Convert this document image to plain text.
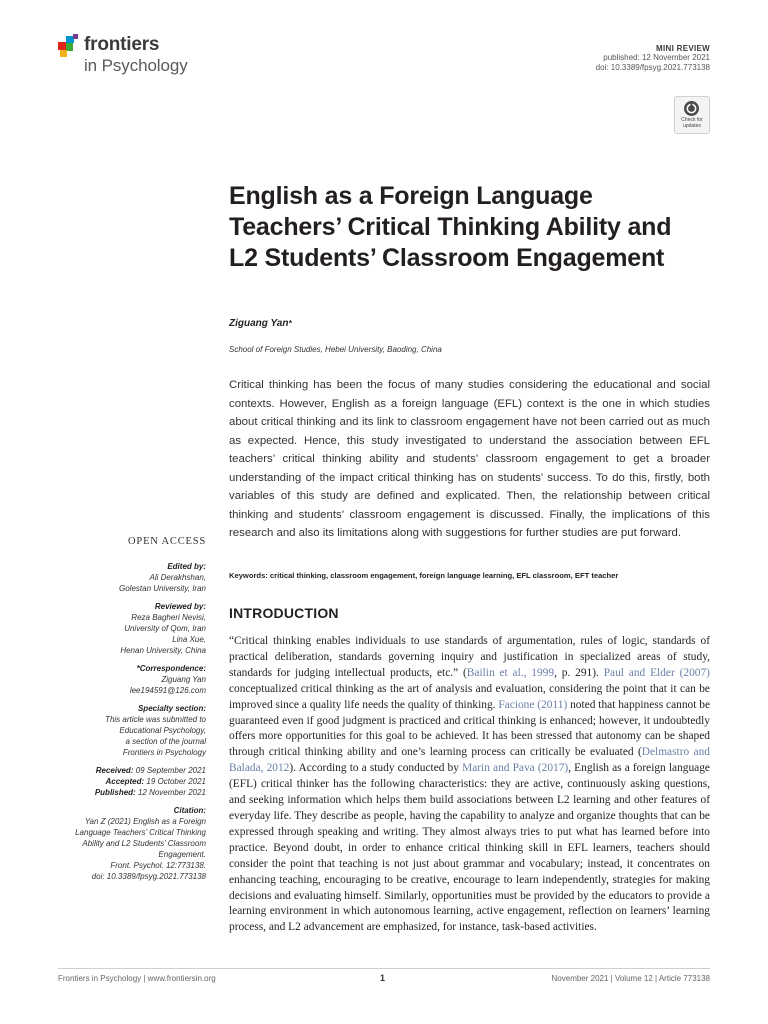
frontiers
in Psychology
MINI REVIEW
published: 12 November 2021
doi: 10.3389/fpsyg.2021.773138
Check for updates
English as a Foreign Language Teachers’ Critical Thinking Ability and L2 Students’ Classroom Engagement
Ziguang Yan*
School of Foreign Studies, Hebei University, Baoding, China

Critical thinking has been the focus of many studies considering the educational and social contexts. However, English as a foreign language (EFL) context is the one in which studies about critical thinking and its link to classroom engagement have not been carried out as much as expected. Hence, this study investigated to understand the association between EFL teachers’ critical thinking ability and students’ classroom engagement to get a broader understanding of the impact critical thinking has on students’ success. To do this, firstly, both variables of this study are defined and explicated. Then, the relationship between critical thinking and students’ classroom engagement is discussed. Finally, the implications of this research and also its limitations along with suggestions for further studies are put forward.

Keywords: critical thinking, classroom engagement, foreign language learning, EFL classroom, EFT teacher
OPEN ACCESS
Edited by:
Ali Derakhshan,
Golestan University, Iran
Reviewed by:
Reza Bagheri Nevisi,
University of Qom, Iran
Lina Xue,
Henan University, China
*Correspondence:
Ziguang Yan
lee194591@126.com
Specialty section:
This article was submitted to
Educational Psychology,
a section of the journal
Frontiers in Psychology
Received: 09 September 2021
Accepted: 19 October 2021
Published: 12 November 2021
Citation:
Yan Z (2021) English as a Foreign
Language Teachers’ Critical Thinking
Ability and L2 Students’ Classroom
Engagement.
Front. Psychol. 12:773138.
doi: 10.3389/fpsyg.2021.773138
INTRODUCTION

“Critical thinking enables individuals to use standards of argumentation, rules of logic, standards of practical deliberation, standards governing inquiry and justification in specialized areas of study, standards for judging intellectual products, etc.” (Bailin et al., 1999, p. 291). Paul and Elder (2007) conceptualized critical thinking as the art of analysis and evaluation, considering the point that it can be improved since a quality life needs the quality of thinking. Facione (2011) noted that happiness cannot be guaranteed even if good judgment is practiced and critical thinking is enhanced; however, it undoubtedly offers more opportunities for this goal to be achieved. It has been stressed that autonomy can be shaped through critical thinking ability and one’s learning process can critically be evaluated (Delmastro and Balada, 2012). According to a study conducted by Marin and Pava (2017), English as a foreign language (EFL) critical thinker has the following characteristics: they are active, continuously asking questions, and seeking information which helps them build associations between L2 learning and other features of everyday life. They describe as people, having the capability to analyze and organize thoughts that can be expressed through speaking and writing. They almost always tries to put what has learned before into practice. Beyond doubt, in order to enhance critical thinking skill in EFL learners, teachers should consider the point that teaching is not just about grammar and vocabulary; instead, it concentrates on enhancing teaching, encouraging to be creative, encourage to learn independently, strategies for making decisions and evaluating himself. Similarly, opportunities must be provided by the educators to provide a learning environment in which autonomous learning, active engagement, reflection on learners’ learning process, and L2 advancement are emphasized, for instance, task-based activities.

Frontiers in Psychology | www.frontiersin.org	1	November 2021 | Volume 12 | Article 773138
